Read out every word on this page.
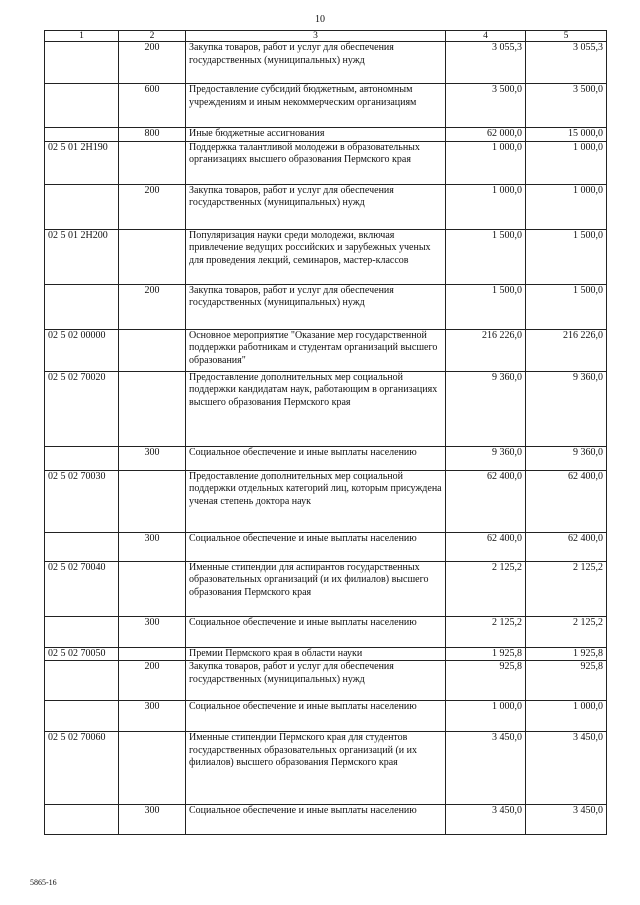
10
1	2	3	4	5
	200	Закупка товаров, работ и услуг для обеспечения государственных (муниципальных) нужд	3 055,3	3 055,3
	600	Предоставление субсидий бюджетным, автономным учреждениям и иным некоммерческим организациям	3 500,0	3 500,0
	800	Иные бюджетные ассигнования	62 000,0	15 000,0
02 5 01 2Н190		Поддержка талантливой молодежи в образовательных организациях высшего образования Пермского края	1 000,0	1 000,0
	200	Закупка товаров, работ и услуг для обеспечения государственных (муниципальных) нужд	1 000,0	1 000,0
02 5 01 2Н200		Популяризация науки среди молодежи, включая привлечение ведущих российских и зарубежных ученых для проведения лекций, семинаров, мастер-классов	1 500,0	1 500,0
	200	Закупка товаров, работ и услуг для обеспечения государственных (муниципальных) нужд	1 500,0	1 500,0
02 5 02 00000		Основное мероприятие "Оказание мер государственной поддержки работникам и студентам организаций высшего образования"	216 226,0	216 226,0
02 5 02 70020		Предоставление дополнительных мер социальной поддержки кандидатам наук, работающим в организациях высшего образования Пермского края	9 360,0	9 360,0
	300	Социальное обеспечение и иные выплаты населению	9 360,0	9 360,0
02 5 02 70030		Предоставление дополнительных мер социальной поддержки отдельных категорий лиц, которым присуждена ученая степень доктора наук	62 400,0	62 400,0
	300	Социальное обеспечение и иные выплаты населению	62 400,0	62 400,0
02 5 02 70040		Именные стипендии для аспирантов государственных образовательных организаций (и их филиалов) высшего образования Пермского края	2 125,2	2 125,2
	300	Социальное обеспечение и иные выплаты населению	2 125,2	2 125,2
02 5 02 70050		Премии Пермского края в области науки	1 925,8	1 925,8
	200	Закупка товаров, работ и услуг для обеспечения государственных (муниципальных) нужд	925,8	925,8
	300	Социальное обеспечение и иные выплаты населению	1 000,0	1 000,0
02 5 02 70060		Именные стипендии Пермского края для студентов государственных образовательных организаций (и их филиалов) высшего образования Пермского края	3 450,0	3 450,0
	300	Социальное обеспечение и иные выплаты населению	3 450,0	3 450,0
5865-16
